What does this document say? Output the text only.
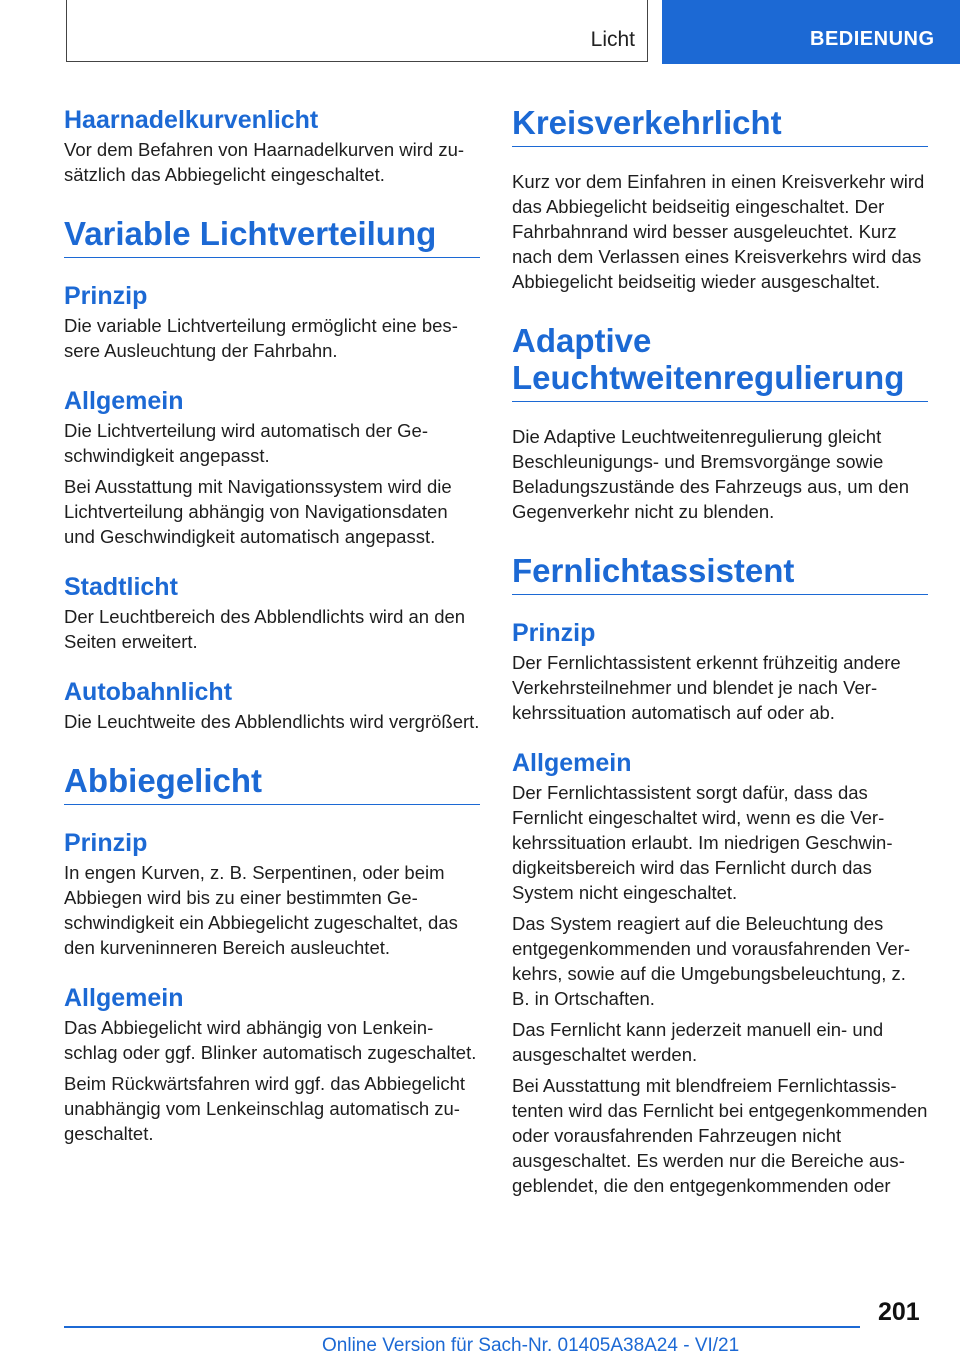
Licht	BEDIENUNG
Haarnadelkurvenlicht
Vor dem Befahren von Haarnadelkurven wird zusätzlich das Abbiegelicht eingeschaltet.
Variable Lichtverteilung
Prinzip
Die variable Lichtverteilung ermöglicht eine bessere Ausleuchtung der Fahrbahn.
Allgemein
Die Lichtverteilung wird automatisch der Geschwindigkeit angepasst.
Bei Ausstattung mit Navigationssystem wird die Lichtverteilung abhängig von Navigationsdaten und Geschwindigkeit automatisch angepasst.
Stadtlicht
Der Leuchtbereich des Abblendlichts wird an den Seiten erweitert.
Autobahnlicht
Die Leuchtweite des Abblendlichts wird vergrößert.
Abbiegelicht
Prinzip
In engen Kurven, z. B. Serpentinen, oder beim Abbiegen wird bis zu einer bestimmten Geschwindigkeit ein Abbiegelicht zugeschaltet, das den kurveninneren Bereich ausleuchtet.
Allgemein
Das Abbiegelicht wird abhängig von Lenkeinschlag oder ggf. Blinker automatisch zugeschaltet.
Beim Rückwärtsfahren wird ggf. das Abbiegelicht unabhängig vom Lenkeinschlag automatisch zugeschaltet.
Kreisverkehrlicht
Kurz vor dem Einfahren in einen Kreisverkehr wird das Abbiegelicht beidseitig eingeschaltet. Der Fahrbahnrand wird besser ausgeleuchtet. Kurz nach dem Verlassen eines Kreisverkehrs wird das Abbiegelicht beidseitig wieder ausgeschaltet.
Adaptive Leuchtweitenregulierung
Die Adaptive Leuchtweitenregulierung gleicht Beschleunigungs- und Bremsvorgänge sowie Beladungszustände des Fahrzeugs aus, um den Gegenverkehr nicht zu blenden.
Fernlichtassistent
Prinzip
Der Fernlichtassistent erkennt frühzeitig andere Verkehrsteilnehmer und blendet je nach Verkehrssituation automatisch auf oder ab.
Allgemein
Der Fernlichtassistent sorgt dafür, dass das Fernlicht eingeschaltet wird, wenn es die Verkehrssituation erlaubt. Im niedrigen Geschwindigkeitsbereich wird das Fernlicht durch das System nicht eingeschaltet.
Das System reagiert auf die Beleuchtung des entgegenkommenden und vorausfahrenden Verkehrs, sowie auf die Umgebungsbeleuchtung, z. B. in Ortschaften.
Das Fernlicht kann jederzeit manuell ein- und ausgeschaltet werden.
Bei Ausstattung mit blendfreiem Fernlichtassistenten wird das Fernlicht bei entgegenkommenden oder vorausfahrenden Fahrzeugen nicht ausgeschaltet. Es werden nur die Bereiche ausgeblendet, die den entgegenkommenden oder
201
Online Version für Sach-Nr. 01405A38A24 - VI/21
